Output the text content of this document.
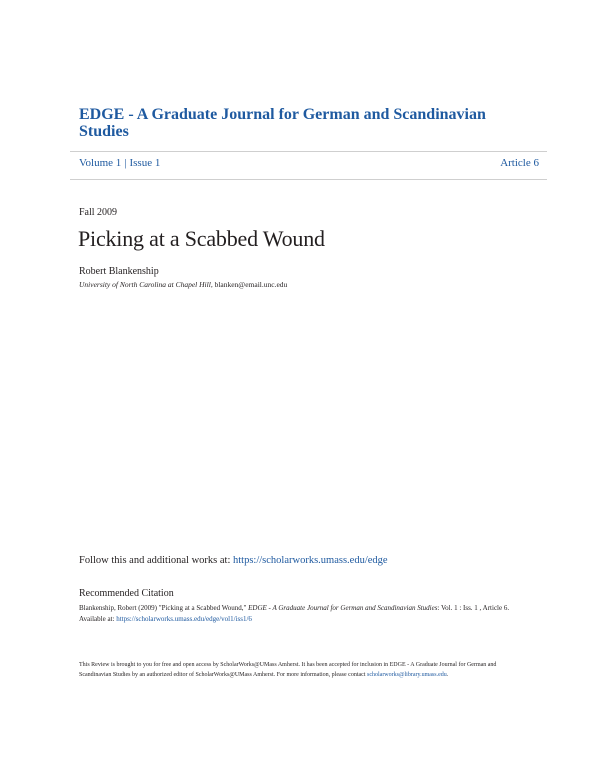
EDGE - A Graduate Journal for German and Scandinavian Studies
Volume 1 | Issue 1	Article 6
Fall 2009
Picking at a Scabbed Wound
Robert Blankenship
University of North Carolina at Chapel Hill, blanken@email.unc.edu
Follow this and additional works at: https://scholarworks.umass.edu/edge
Recommended Citation
Blankenship, Robert (2009) "Picking at a Scabbed Wound," EDGE - A Graduate Journal for German and Scandinavian Studies: Vol. 1 : Iss. 1 , Article 6.
Available at: https://scholarworks.umass.edu/edge/vol1/iss1/6
This Review is brought to you for free and open access by ScholarWorks@UMass Amherst. It has been accepted for inclusion in EDGE - A Graduate Journal for German and Scandinavian Studies by an authorized editor of ScholarWorks@UMass Amherst. For more information, please contact scholarworks@library.umass.edu.
